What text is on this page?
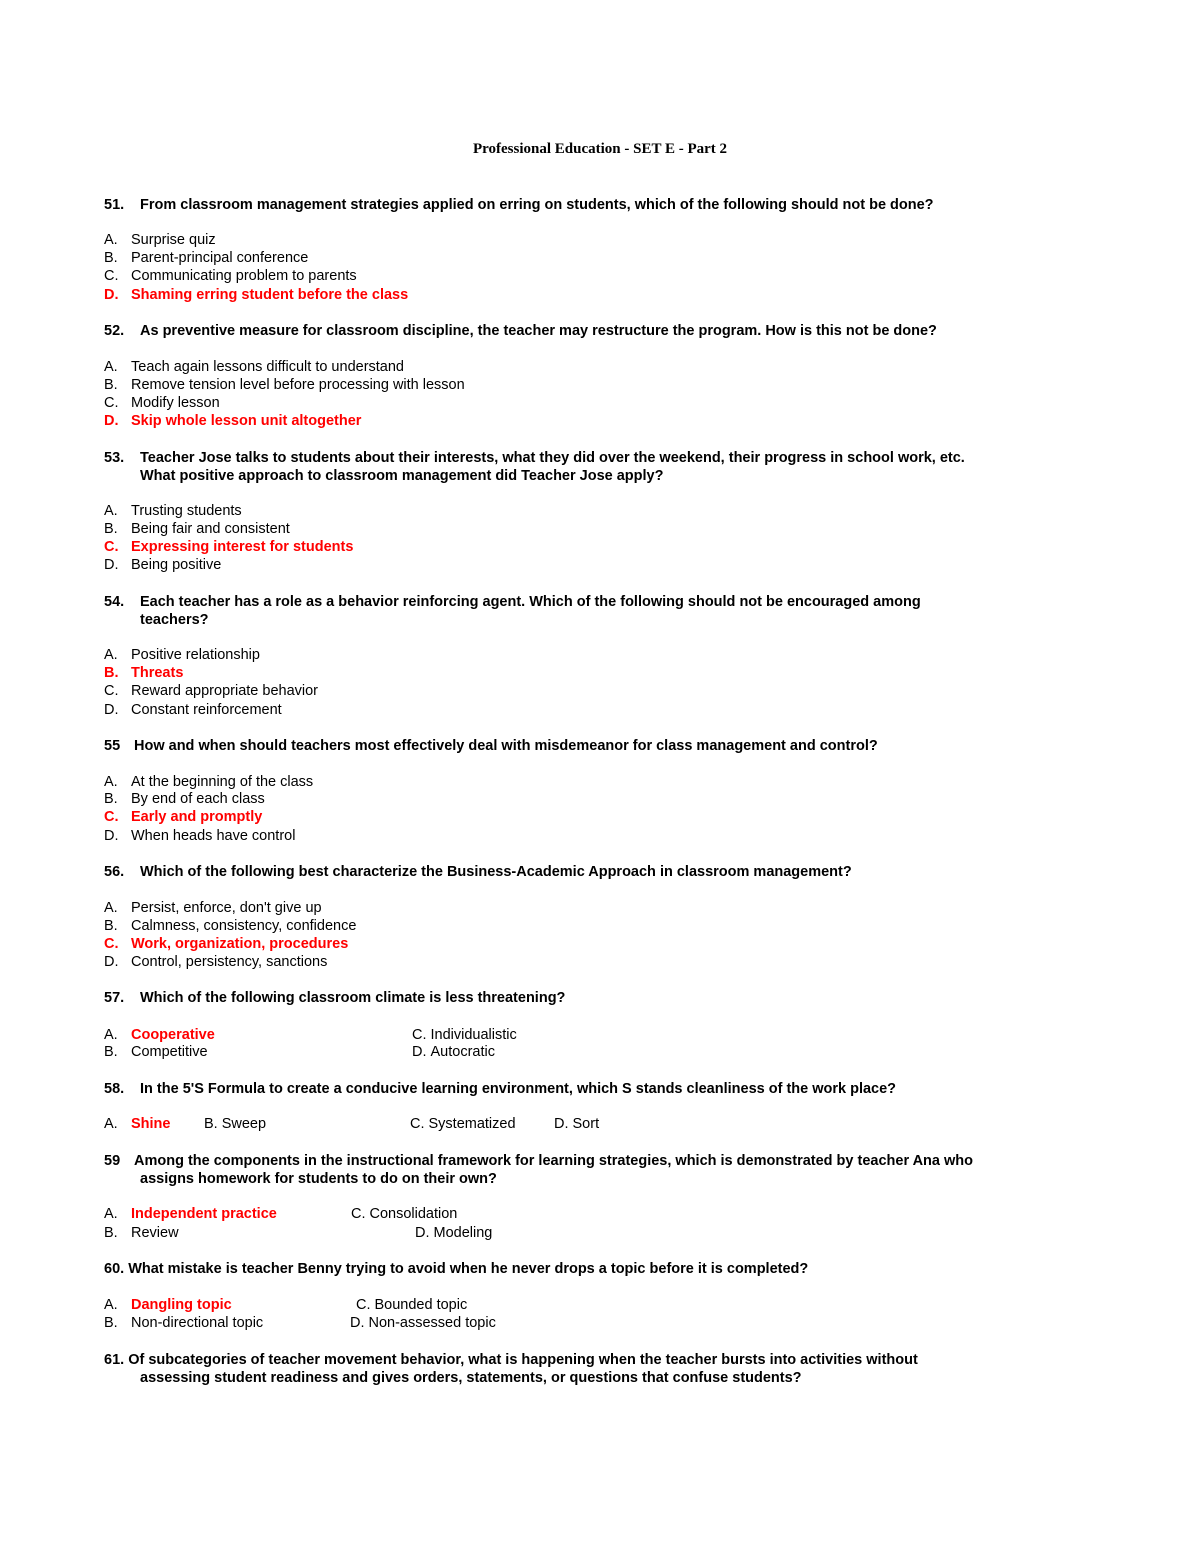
Professional Education - SET E - Part 2
51. From classroom management strategies applied on erring on students, which of the following should not be done?
A. Surprise quiz
B. Parent-principal conference
C. Communicating problem to parents
D. Shaming erring student before the class
52. As preventive measure for classroom discipline, the teacher may restructure the program. How is this not be done?
A. Teach again lessons difficult to understand
B. Remove tension level before processing with lesson
C. Modify lesson
D. Skip whole lesson unit altogether
53. Teacher Jose talks to students about their interests, what they did over the weekend, their progress in school work, etc.
What positive approach to classroom management did Teacher Jose apply?
A. Trusting students
B. Being fair and consistent
C. Expressing interest for students
D. Being positive
54. Each teacher has a role as a behavior reinforcing agent. Which of the following should not be encouraged among
teachers?
A. Positive relationship
B. Threats
C. Reward appropriate behavior
D. Constant reinforcement
55 How and when should teachers most effectively deal with misdemeanor for class management and control?
A. At the beginning of the class
B. By end of each class
C. Early and promptly
D. When heads have control
56. Which of the following best characterize the Business-Academic Approach in classroom management?
A. Persist, enforce, don't give up
B. Calmness, consistency, confidence
C. Work, organization, procedures
D. Control, persistency, sanctions
57. Which of the following classroom climate is less threatening?
A. Cooperative
B. Competitive
C. Individualistic
D. Autocratic
58. In the 5'S Formula to create a conducive learning environment, which S stands cleanliness of the work place?
A. Shine B. Sweep	C. Systematized	D. Sort
59 Among the components in the instructional framework for learning strategies, which is demonstrated by teacher Ana who
assigns homework for students to do on their own?
A. Independent practice
B. Review
C. Consolidation
D. Modeling
60. What mistake is teacher Benny trying to avoid when he never drops a topic before it is completed?
A. Dangling topic
B. Non-directional topic
C. Bounded topic
D. Non-assessed topic
61. Of subcategories of teacher movement behavior, what is happening when the teacher bursts into activities without
assessing student readiness and gives orders, statements, or questions that confuse students?
